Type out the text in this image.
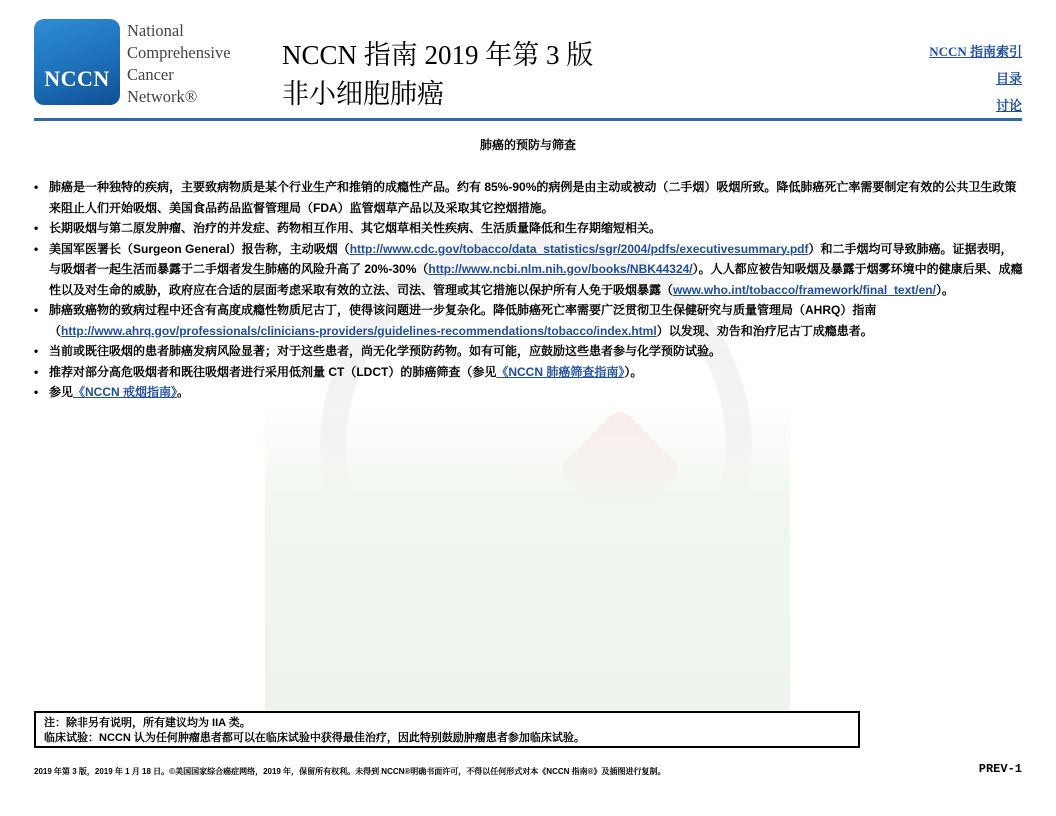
NCCN
National
Comprehensive
Cancer
Network®
NCCN 指南 2019 年第 3 版
非小细胞肺癌
NCCN 指南索引
目录
讨论
肺癌的预防与筛查
• 肺癌是一种独特的疾病，主要致病物质是某个行业生产和推销的成瘾性产品。约有 85%-90%的病例是由主动或被动（二手烟）吸烟所致。降低肺癌死亡率需要制定有效的公共卫生政策来阻止人们开始吸烟、美国食品药品监督管理局（FDA）监管烟草产品以及采取其它控烟措施。
• 长期吸烟与第二原发肿瘤、治疗的并发症、药物相互作用、其它烟草相关性疾病、生活质量降低和生存期缩短相关。
• 美国军医署长（Surgeon General）报告称，主动吸烟（http://www.cdc.gov/tobacco/data_statistics/sgr/2004/pdfs/executivesummary.pdf）和二手烟均可导致肺癌。证据表明，与吸烟者一起生活而暴露于二手烟者发生肺癌的风险升高了 20%-30%（http://www.ncbi.nlm.nih.gov/books/NBK44324/）。人人都应被告知吸烟及暴露于烟雾环境中的健康后果、成瘾性以及对生命的威胁，政府应在合适的层面考虑采取有效的立法、司法、管理或其它措施以保护所有人免于吸烟暴露（www.who.int/tobacco/framework/final_text/en/）。
• 肺癌致癌物的致病过程中还含有高度成瘾性物质尼古丁，使得该问题进一步复杂化。降低肺癌死亡率需要广泛贯彻卫生保健研究与质量管理局（AHRQ）指南（http://www.ahrq.gov/professionals/clinicians-providers/guidelines-recommendations/tobacco/index.html）以发现、劝告和治疗尼古丁成瘾患者。
• 当前或既往吸烟的患者肺癌发病风险显著；对于这些患者，尚无化学预防药物。如有可能，应鼓励这些患者参与化学预防试验。
• 推荐对部分高危吸烟者和既往吸烟者进行采用低剂量 CT（LDCT）的肺癌筛查（参见《NCCN 肺癌筛查指南》）。
• 参见《NCCN 戒烟指南》。
注：除非另有说明，所有建议均为 IIA 类。
临床试验：NCCN 认为任何肿瘤患者都可以在临床试验中获得最佳治疗，因此特别鼓励肿瘤患者参加临床试验。
2019 年第 3 版，2019 年 1 月 18 日。©美国国家综合癌症网络，2019 年，保留所有权利。未得到 NCCN®明确书面许可，不得以任何形式对本《NCCN 指南®》及插图进行复制。	PREV-1
